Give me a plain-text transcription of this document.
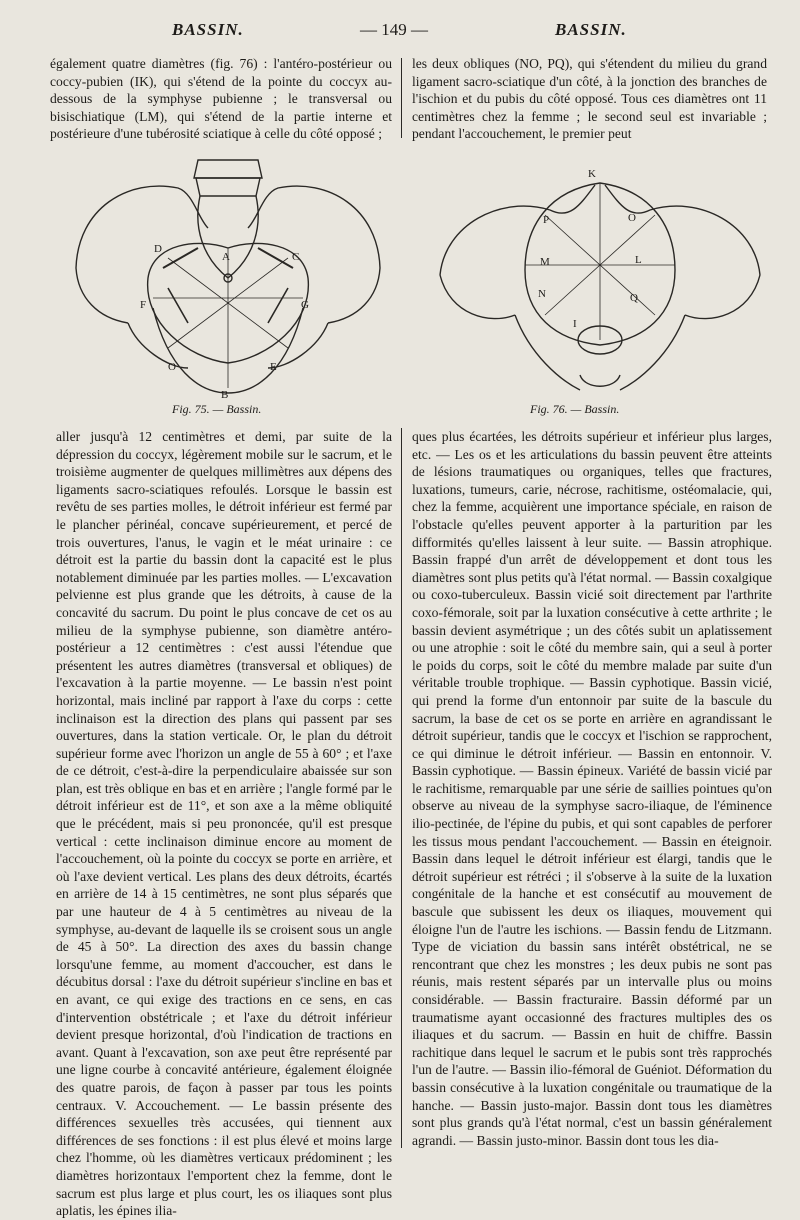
BASSIN.	— 149 —	BASSIN.

également quatre diamètres (fig. 76) : l'antéro-postérieur ou coccy-pubien (IK), qui s'étend de la pointe du coccyx au-dessous de la symphyse pubienne ; le transversal ou bisischiatique (LM), qui s'étend de la partie interne et postérieure d'une tubérosité sciatique à celle du côté opposé ;

les deux obliques (NO, PQ), qui s'étendent du milieu du grand ligament sacro-sciatique d'un côté, à la jonction des branches de l'ischion et du pubis du côté opposé. Tous ces diamètres ont 11 centimètres chez la femme ; le second seul est invariable ; pendant l'accouchement, le premier peut

A
B
C
D
E
F	G
O
Fig. 75. — Bassin.
K
P	O
M	L
N	Q
I
Fig. 76. — Bassin.

aller jusqu'à 12 centimètres et demi, par suite de la dépression du coccyx, légèrement mobile sur le sacrum, et le troisième augmenter de quelques millimètres aux dépens des ligaments sacro-sciatiques refoulés. Lorsque le bassin est revêtu de ses parties molles, le détroit inférieur est fermé par le plancher périnéal, concave supérieurement, et percé de trois ouvertures, l'anus, le vagin et le méat urinaire : ce détroit est la partie du bassin dont la capacité est le plus notablement diminuée par les parties molles. — L'excavation pelvienne est plus grande que les détroits, à cause de la concavité du sacrum. Du point le plus concave de cet os au milieu de la symphyse pubienne, son diamètre antéro-postérieur a 12 centimètres : c'est aussi l'étendue que présentent les autres diamètres (transversal et obliques) de l'excavation à la partie moyenne. — Le bassin n'est point horizontal, mais incliné par rapport à l'axe du corps : cette inclinaison est la direction des plans qui passent par ses ouvertures, dans la station verticale. Or, le plan du détroit supérieur forme avec l'horizon un angle de 55 à 60° ; et l'axe de ce détroit, c'est-à-dire la perpendiculaire abaissée sur son plan, est très oblique en bas et en arrière ; l'angle formé par le détroit inférieur est de 11°, et son axe a la même obliquité que le précédent, mais si peu prononcée, qu'il est presque vertical : cette inclinaison diminue encore au moment de l'accouchement, où la pointe du coccyx se porte en arrière, et où l'axe devient vertical. Les plans des deux détroits, écartés en arrière de 14 à 15 centimètres, ne sont plus séparés que par une hauteur de 4 à 5 centimètres au niveau de la symphyse, au-devant de laquelle ils se croisent sous un angle de 45 à 50°. La direction des axes du bassin change lorsqu'une femme, au moment d'accoucher, est dans le décubitus dorsal : l'axe du détroit supérieur s'incline en bas et en avant, ce qui exige des tractions en ce sens, en cas d'intervention obstétricale ; et l'axe du détroit inférieur devient presque horizontal, d'où l'indication de tractions en avant. Quant à l'excavation, son axe peut être représenté par une ligne courbe à concavité antérieure, également éloignée des quatre parois, de façon à passer par tous les points centraux. V. Accouchement. — Le bassin présente des différences sexuelles très accusées, qui tiennent aux différences de ses fonctions : il est plus élevé et moins large chez l'homme, où les diamètres verticaux prédominent ; les diamètres horizontaux l'emportent chez la femme, dont le sacrum est plus large et plus court, les os iliaques sont plus aplatis, les épines ilia-

ques plus écartées, les détroits supérieur et inférieur plus larges, etc. — Les os et les articulations du bassin peuvent être atteints de lésions traumatiques ou organiques, telles que fractures, luxations, tumeurs, carie, nécrose, rachitisme, ostéomalacie, qui, chez la femme, acquièrent une importance spéciale, en raison de l'obstacle qu'elles peuvent apporter à la parturition par les difformités qu'elles laissent à leur suite. — Bassin atrophique. Bassin frappé d'un arrêt de développement et dont tous les diamètres sont plus petits qu'à l'état normal. — Bassin coxalgique ou coxo-tuberculeux. Bassin vicié soit directement par l'arthrite coxo-fémorale, soit par la luxation consécutive à cette arthrite ; le bassin devient asymétrique ; un des côtés subit un aplatissement ou une atrophie : soit le côté du membre sain, qui a seul à porter le poids du corps, soit le côté du membre malade par suite d'un véritable trouble trophique. — Bassin cyphotique. Bassin vicié, qui prend la forme d'un entonnoir par suite de la bascule du sacrum, la base de cet os se porte en arrière en agrandissant le détroit supérieur, tandis que le coccyx et l'ischion se rapprochent, ce qui diminue le détroit inférieur. — Bassin en entonnoir. V. Bassin cyphotique. — Bassin épineux. Variété de bassin vicié par le rachitisme, remarquable par une série de saillies pointues qu'on observe au niveau de la symphyse sacro-iliaque, de l'éminence ilio-pectinée, de l'épine du pubis, et qui sont capables de perforer les tissus mous pendant l'accouchement. — Bassin en éteignoir. Bassin dans lequel le détroit inférieur est élargi, tandis que le détroit supérieur est rétréci ; il s'observe à la suite de la luxation congénitale de la hanche et est consécutif au mouvement de bascule que subissent les deux os iliaques, mouvement qui éloigne l'un de l'autre les ischions. — Bassin fendu de Litzmann. Type de viciation du bassin sans intérêt obstétrical, ne se rencontrant que chez les monstres ; les deux pubis ne sont pas réunis, mais restent séparés par un intervalle plus ou moins considérable. — Bassin fracturaire. Bassin déformé par un traumatisme ayant occasionné des fractures multiples des os iliaques et du sacrum. — Bassin en huit de chiffre. Bassin rachitique dans lequel le sacrum et le pubis sont très rapprochés l'un de l'autre. — Bassin ilio-fémoral de Guéniot. Déformation du bassin consécutive à la luxation congénitale ou traumatique de la hanche. — Bassin justo-major. Bassin dont tous les diamètres sont plus grands qu'à l'état normal, c'est un bassin généralement agrandi. — Bassin justo-minor. Bassin dont tous les dia-
